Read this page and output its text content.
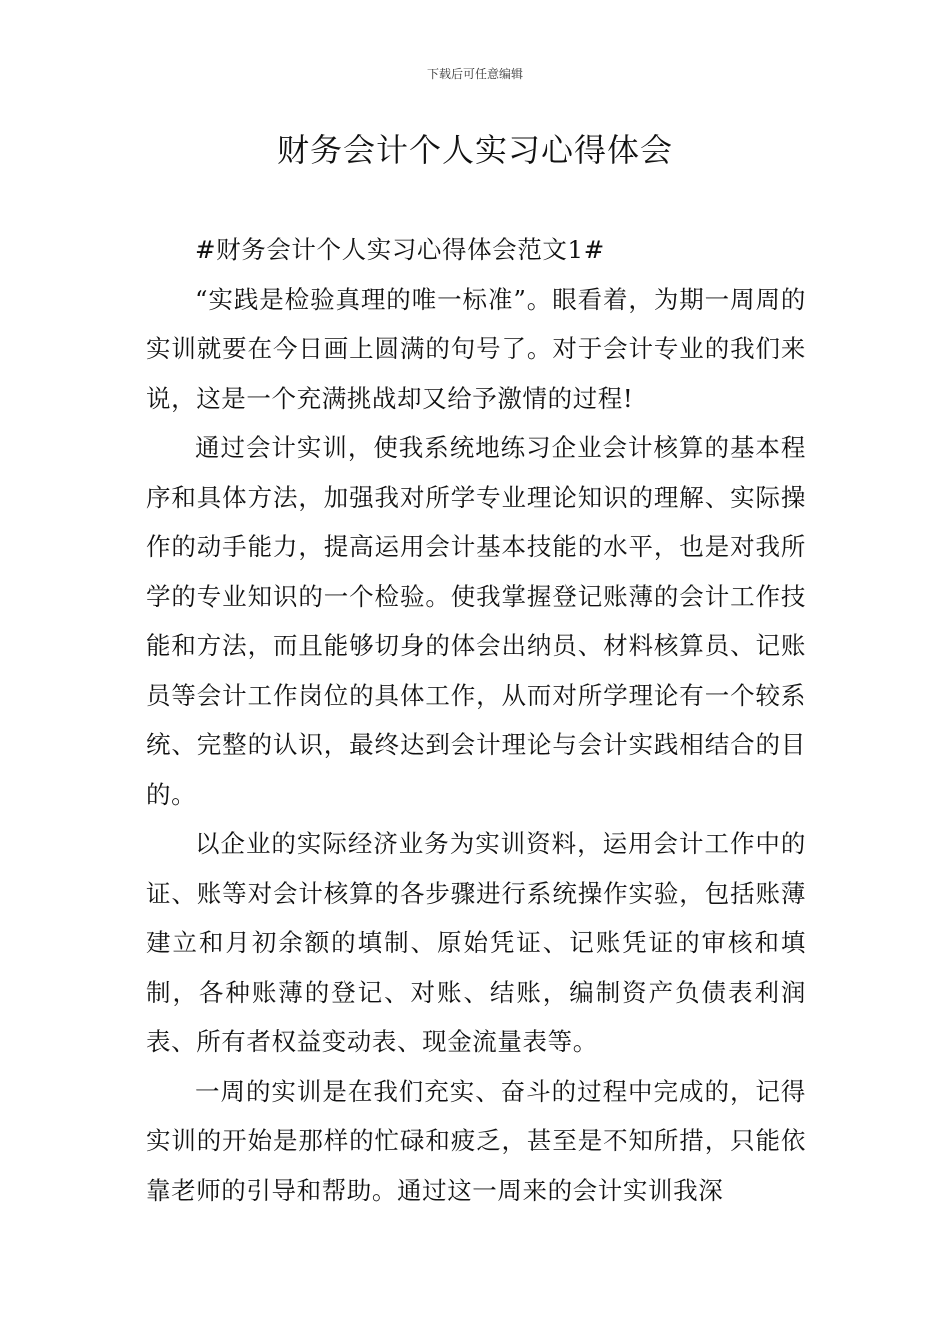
下载后可任意编辑
财务会计个人实习心得体会

#财务会计个人实习心得体会范文1#

“实践是检验真理的唯一标准”。眼看着，为期一周周的实训就要在今日画上圆满的句号了。对于会计专业的我们来说，这是一个充满挑战却又给予激情的过程!

通过会计实训，使我系统地练习企业会计核算的基本程序和具体方法，加强我对所学专业理论知识的理解、实际操作的动手能力，提高运用会计基本技能的水平，也是对我所学的专业知识的一个检验。使我掌握登记账薄的会计工作技能和方法，而且能够切身的体会出纳员、材料核算员、记账员等会计工作岗位的具体工作，从而对所学理论有一个较系统、完整的认识，最终达到会计理论与会计实践相结合的目的。

以企业的实际经济业务为实训资料，运用会计工作中的证、账等对会计核算的各步骤进行系统操作实验，包括账薄建立和月初余额的填制、原始凭证、记账凭证的审核和填制，各种账薄的登记、对账、结账，编制资产负债表利润表、所有者权益变动表、现金流量表等。

一周的实训是在我们充实、奋斗的过程中完成的，记得实训的开始是那样的忙碌和疲乏，甚至是不知所措，只能依靠老师的引导和帮助。通过这一周来的会计实训我深
